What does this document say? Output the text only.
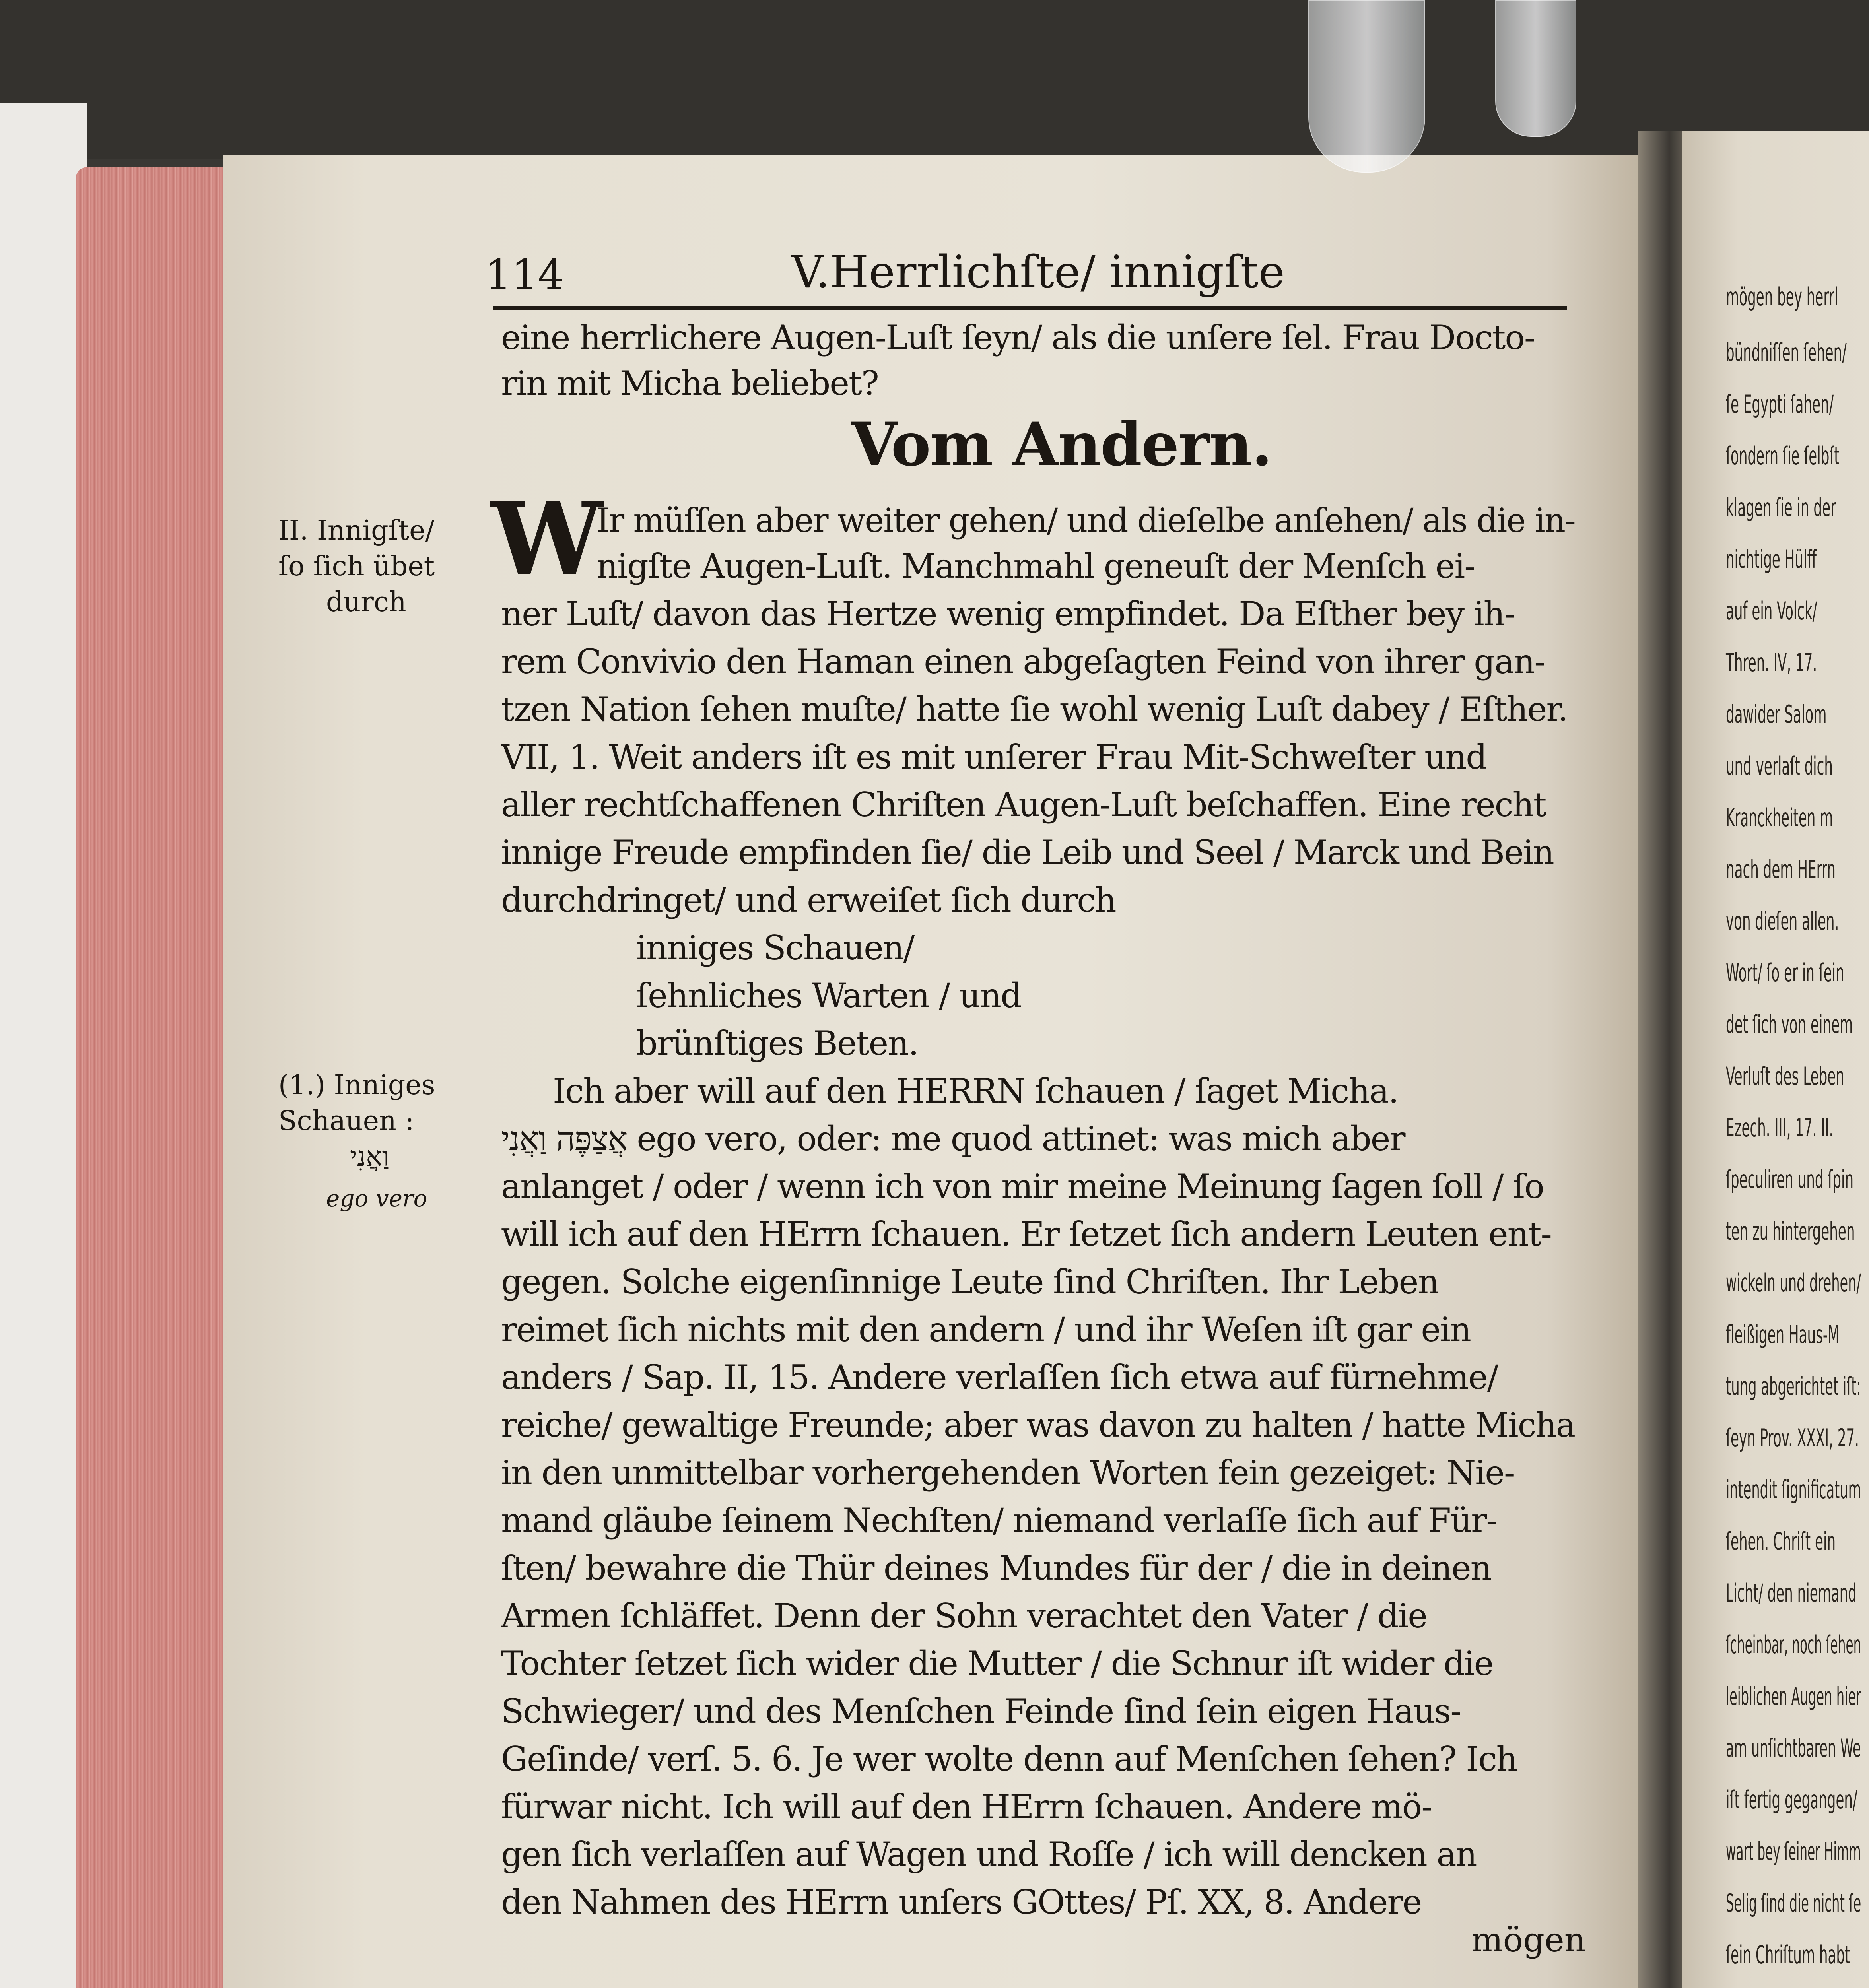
mögen bey herrl
bündniſſen ſehen/
ſe Egypti ſahen/
ſondern ſie ſelbſt
klagen ſie in der
nichtige Hülff
auf ein Volck/
Thren. IV, 17.
dawider Salom
und verlaſt dich
Kranckheiten m
nach dem HErrn
von dieſen allen.
Wort/ ſo er in ſein
det ſich von einem
Verluſt des Leben
Ezech. III, 17. II.
ſpeculiren und ſpin
ten zu hintergehen
wickeln und drehen/
fleißigen Haus-M
tung abgerichtet iſt:
ſeyn Prov. XXXI, 27.
intendit ſignificatum
ſehen. Chriſt ein
Licht/ den niemand
ſcheinbar, noch ſehen
leiblichen Augen hier
am unſichtbaren We
iſt fertig gegangen/
wart bey ſeiner Himm
Selig ſind die nicht ſe
ſein Chriſtum habt
114	V.Herrlichſte/ innigſte
eine herrlichere Augen-Luſt ſeyn/ als die unſere ſel. Frau Docto-
rin mit Micha beliebet?
Vom Andern.
II. Innigſte/
ſo ſich übet
durch
(1.) Inniges
Schauen :
וַאֲנִי
ego vero
W
Ir müſſen aber weiter gehen/ und dieſelbe anſehen/ als die in-
nigſte Augen-Luſt. Manchmahl geneuſt der Menſch ei-
ner Luſt/ davon das Hertze wenig empfindet. Da Eſther bey ih-
rem Convivio den Haman einen abgeſagten Feind von ihrer gan-
tzen Nation ſehen muſte/ hatte ſie wohl wenig Luſt dabey / Eſther.
VII, 1. Weit anders iſt es mit unſerer Frau Mit-Schweſter und
aller rechtſchaffenen Chriſten Augen-Luſt beſchaffen. Eine recht
innige Freude empfinden ſie/ die Leib und Seel / Marck und Bein
durchdringet/ und erweiſet ſich durch
inniges Schauen/
ſehnliches Warten / und
brünſtiges Beten.
Ich aber will auf den HERRN ſchauen / ſaget Micha.
אֲצַפֶּה וַאֲנִי ego vero, oder: me quod attinet: was mich aber
anlanget / oder / wenn ich von mir meine Meinung ſagen ſoll / ſo
will ich auf den HErrn ſchauen. Er ſetzet ſich andern Leuten ent-
gegen. Solche eigenſinnige Leute ſind Chriſten. Ihr Leben
reimet ſich nichts mit den andern / und ihr Weſen iſt gar ein
anders / Sap. II, 15. Andere verlaſſen ſich etwa auf fürnehme/
reiche/ gewaltige Freunde; aber was davon zu halten / hatte Micha
in den unmittelbar vorhergehenden Worten fein gezeiget: Nie-
mand gläube ſeinem Nechſten/ niemand verlaſſe ſich auf Für-
ſten/ bewahre die Thür deines Mundes für der / die in deinen
Armen ſchläffet. Denn der Sohn verachtet den Vater / die
Tochter ſetzet ſich wider die Mutter / die Schnur iſt wider die
Schwieger/ und des Menſchen Feinde ſind ſein eigen Haus-
Geſinde/ verſ. 5. 6. Je wer wolte denn auf Menſchen ſehen? Ich
fürwar nicht. Ich will auf den HErrn ſchauen. Andere mö-
gen ſich verlaſſen auf Wagen und Roſſe / ich will dencken an
den Nahmen des HErrn unſers GOttes/ Pſ. XX, 8. Andere
mögen
